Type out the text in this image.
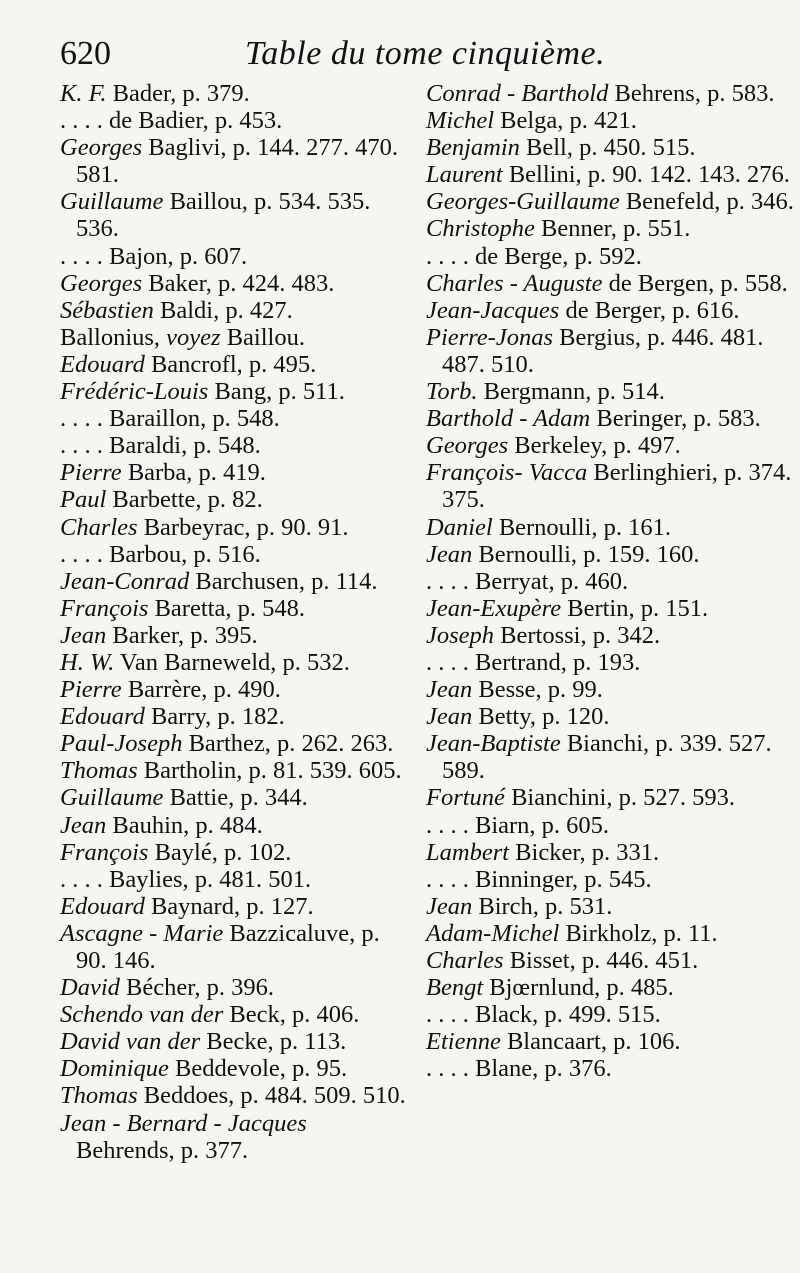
620	Table du tome cinquième.

K. F. Bader, p. 379.

. . . . de Badier, p. 453.

Georges Baglivi, p. 144. 277. 470. 581.

Guillaume Baillou, p. 534. 535. 536.

. . . . Bajon, p. 607.

Georges Baker, p. 424. 483.

Sébastien Baldi, p. 427.

Ballonius, voyez Baillou.

Edouard Bancrofl, p. 495.

Frédéric-Louis Bang, p. 511.

. . . . Baraillon, p. 548.

. . . . Baraldi, p. 548.

Pierre Barba, p. 419.

Paul Barbette, p. 82.

Charles Barbeyrac, p. 90. 91.

. . . . Barbou, p. 516.

Jean-Conrad Barchusen, p. 114.

François Baretta, p. 548.

Jean Barker, p. 395.

H. W. Van Barneweld, p. 532.

Pierre Barrère, p. 490.

Edouard Barry, p. 182.

Paul-Joseph Barthez, p. 262. 263.

Thomas Bartholin, p. 81. 539. 605.

Guillaume Battie, p. 344.

Jean Bauhin, p. 484.

François Baylé, p. 102.

. . . . Baylies, p. 481. 501.

Edouard Baynard, p. 127.

Ascagne - Marie Bazzicaluve, p. 90. 146.

David Bécher, p. 396.

Schendo van der Beck, p. 406.

David van der Becke, p. 113.

Dominique Beddevole, p. 95.

Thomas Beddoes, p. 484. 509. 510.

Jean - Bernard - Jacques Behrends, p. 377.

Conrad - Barthold Behrens, p. 583.

Michel Belga, p. 421.

Benjamin Bell, p. 450. 515.

Laurent Bellini, p. 90. 142. 143. 276.

Georges-Guillaume Benefeld, p. 346.

Christophe Benner, p. 551.

. . . . de Berge, p. 592.

Charles - Auguste de Bergen, p. 558.

Jean-Jacques de Berger, p. 616.

Pierre-Jonas Bergius, p. 446. 481. 487. 510.

Torb. Bergmann, p. 514.

Barthold - Adam Beringer, p. 583.

Georges Berkeley, p. 497.

François- Vacca Berlinghieri, p. 374. 375.

Daniel Bernoulli, p. 161.

Jean Bernoulli, p. 159. 160.

. . . . Berryat, p. 460.

Jean-Exupère Bertin, p. 151.

Joseph Bertossi, p. 342.

. . . . Bertrand, p. 193.

Jean Besse, p. 99.

Jean Betty, p. 120.

Jean-Baptiste Bianchi, p. 339. 527. 589.

Fortuné Bianchini, p. 527. 593.

. . . . Biarn, p. 605.

Lambert Bicker, p. 331.

. . . . Binninger, p. 545.

Jean Birch, p. 531.

Adam-Michel Birkholz, p. 11.

Charles Bisset, p. 446. 451.

Bengt Bjœrnlund, p. 485.

. . . . Black, p. 499. 515.

Etienne Blancaart, p. 106.

. . . . Blane, p. 376.
